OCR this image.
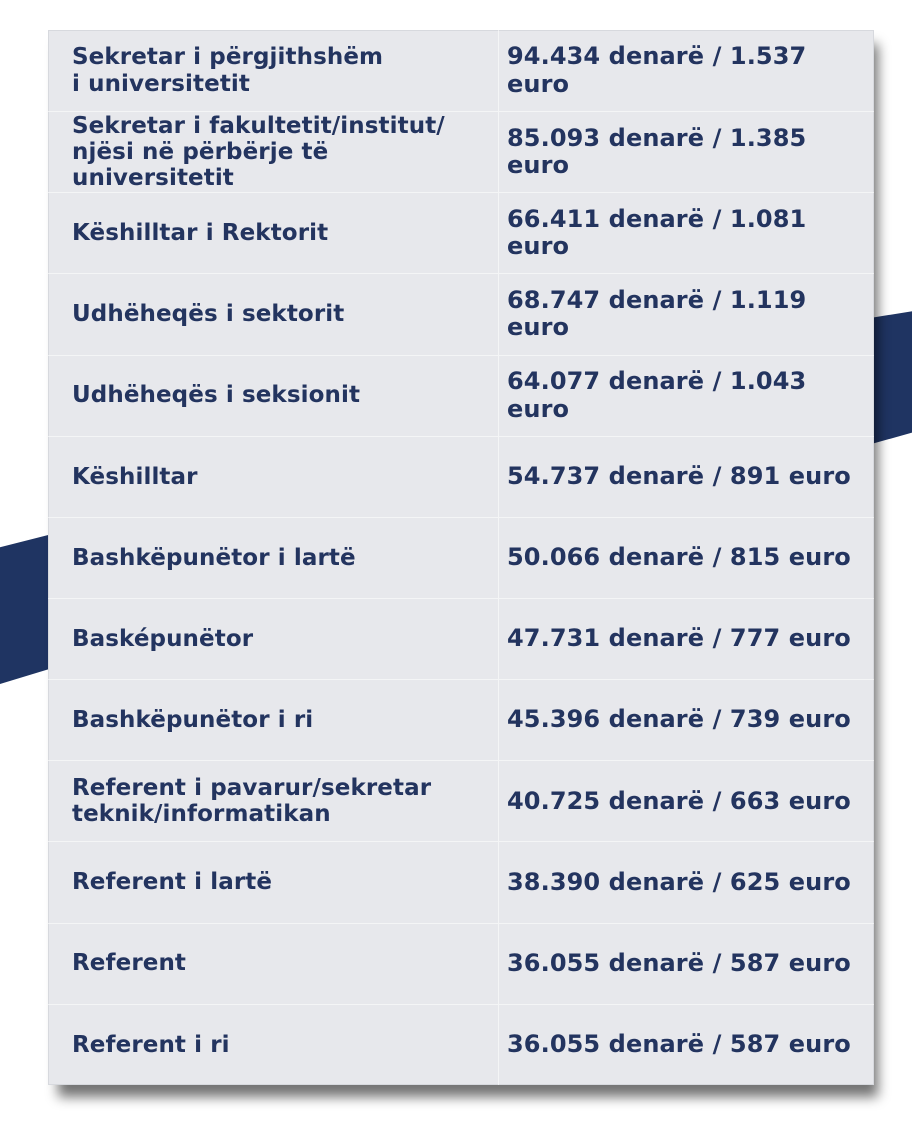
Sekretar i përgjithshëm
i universitetit
94.434 denarë / 1.537 euro
Sekretar i fakultetit/institut/
njësi në përbërje të universitetit
85.093 denarë / 1.385 euro
Këshilltar i Rektorit
66.411 denarë / 1.081 euro
Udhëheqës i sektorit
68.747 denarë / 1.119 euro
Udhëheqës i seksionit
64.077 denarë / 1.043 euro
Këshilltar	54.737 denarë / 891 euro
Bashkëpunëtor i lartë	50.066 denarë / 815 euro
Basképunëtor	47.731 denarë / 777 euro
Bashkëpunëtor i ri	45.396 denarë / 739 euro
Referent i pavarur/sekretar
teknik/informatikan	40.725 denarë / 663 euro
Referent i lartë	38.390 denarë / 625 euro
Referent	36.055 denarë / 587 euro
Referent i ri	36.055 denarë / 587 euro
